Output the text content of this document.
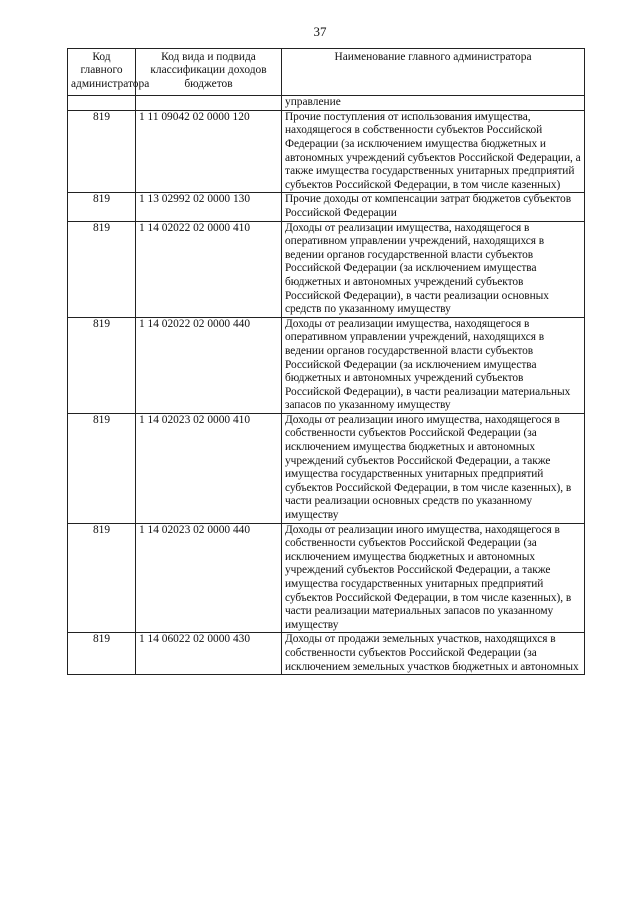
37
Код главного администратора	Код вида и подвида классификации доходов бюджетов	Наименование главного администратора
		управление
819	1 11 09042 02 0000 120	Прочие поступления от использования имущества, находящегося в собственности субъектов Российской Федерации (за исключением имущества бюджетных и автономных учреждений субъектов Российской Федерации, а также имущества государственных унитарных предприятий субъектов Российской Федерации, в том числе казенных)

819	1 13 02992 02 0000 130	Прочие доходы от компенсации затрат бюджетов субъектов Российской Федерации

819	1 14 02022 02 0000 410	Доходы от реализации имущества, находящегося в оперативном управлении учреждений, находящихся в ведении органов государственной власти субъектов Российской Федерации (за исключением имущества бюджетных и автономных учреждений субъектов Российской Федерации), в части реализации основных средств по указанному имуществу

819	1 14 02022 02 0000 440	Доходы от реализации имущества, находящегося в оперативном управлении учреждений, находящихся в ведении органов государственной власти субъектов Российской Федерации (за исключением имущества бюджетных и автономных учреждений субъектов Российской Федерации), в части реализации материальных запасов по указанному имуществу

819	1 14 02023 02 0000 410	Доходы от реализации иного имущества, находящегося в собственности субъектов Российской Федерации (за исключением имущества бюджетных и автономных учреждений субъектов Российской Федерации, а также имущества государственных унитарных предприятий субъектов Российской Федерации, в том числе казенных), в части реализации основных средств по указанному имуществу

819	1 14 02023 02 0000 440	Доходы от реализации иного имущества, находящегося в собственности субъектов Российской Федерации (за исключением имущества бюджетных и автономных учреждений субъектов Российской Федерации, а также имущества государственных унитарных предприятий субъектов Российской Федерации, в том числе казенных), в части реализации материальных запасов по указанному имуществу

819	1 14 06022 02 0000 430	Доходы от продажи земельных участков, находящихся в собственности субъектов Российской Федерации (за исключением земельных участков бюджетных и автономных
